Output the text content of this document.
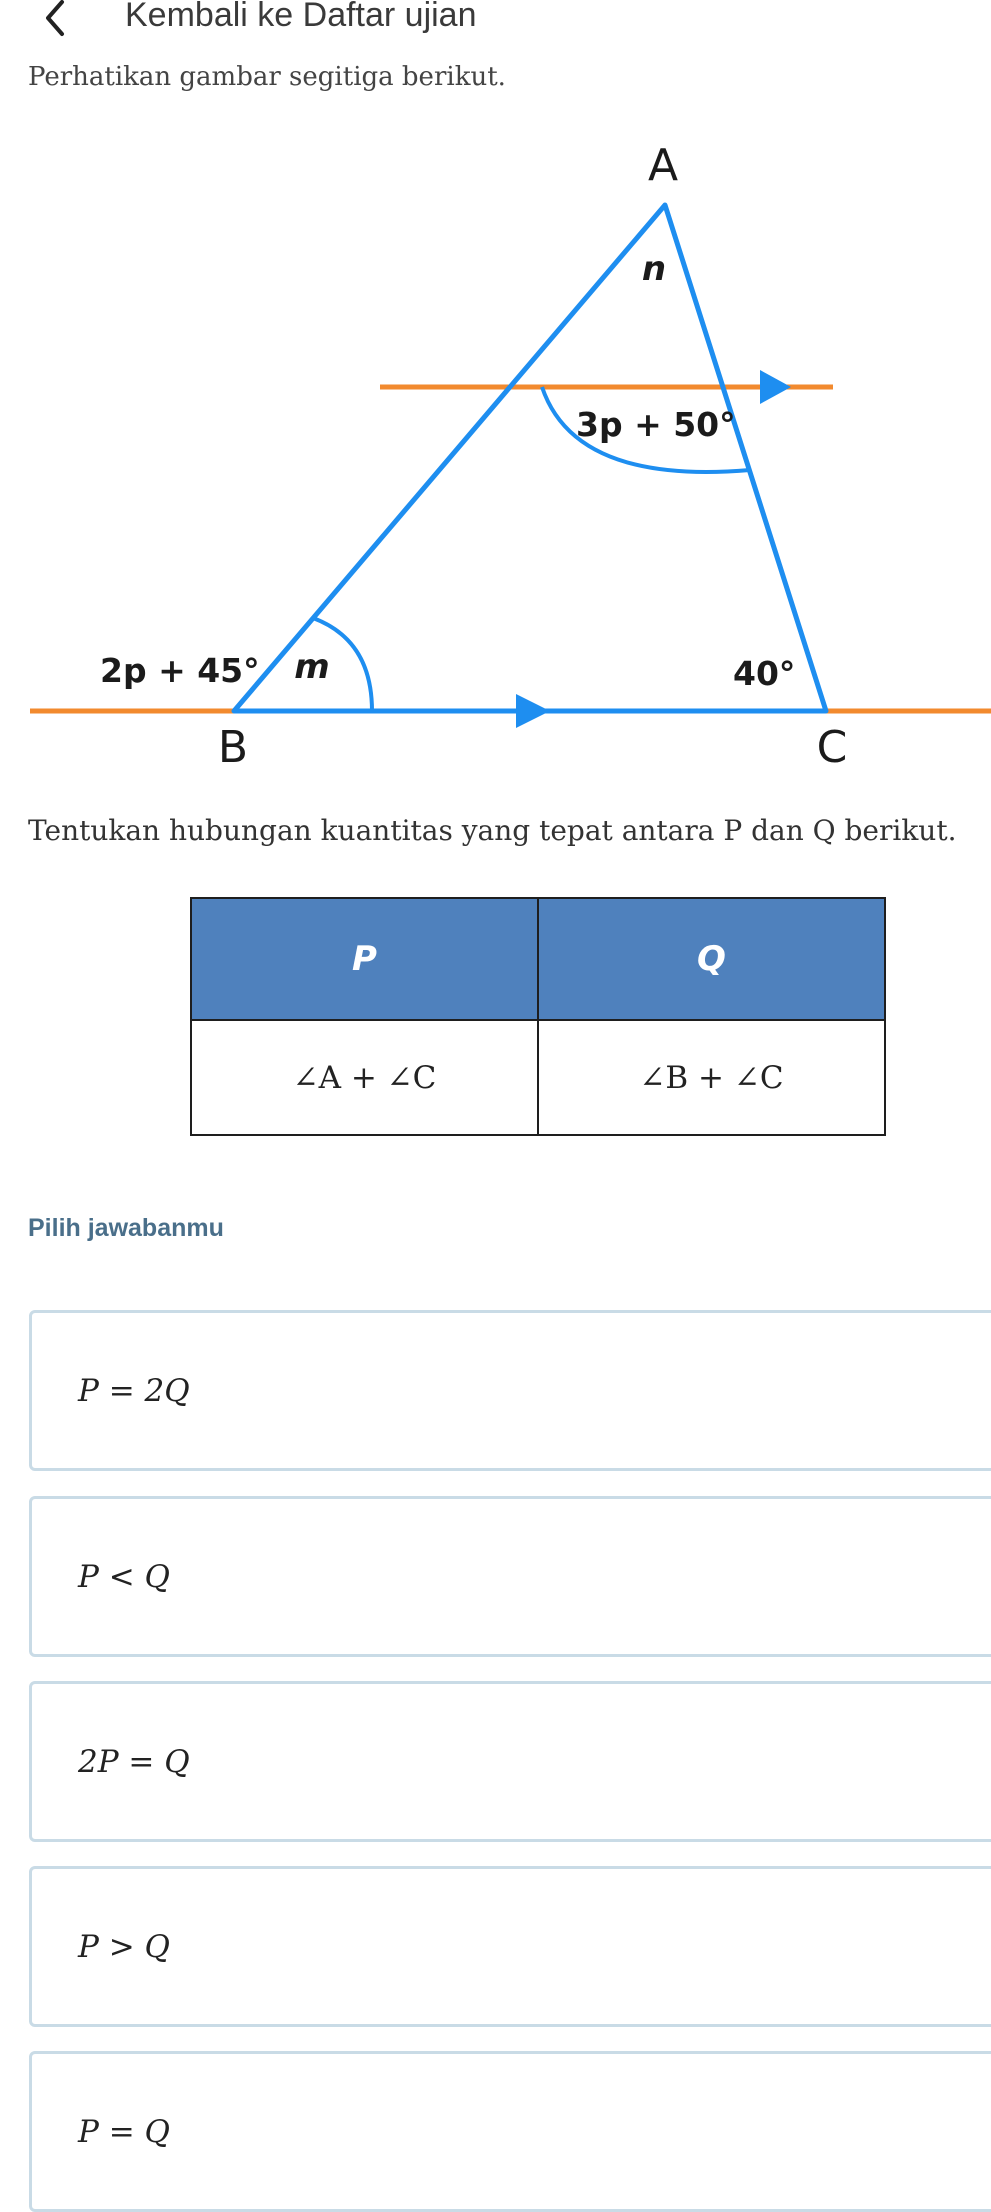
Kembali ke Daftar ujian
Perhatikan gambar segitiga berikut.
A
B	C
n
m
3p + 50°
2p + 45°	40°
Tentukan hubungan kuantitas yang tepat antara P dan Q berikut.
P	Q
∠A + ∠C	∠B + ∠C
Pilih jawabanmu
P = 2Q
P < Q
2P = Q
P > Q
P = Q
